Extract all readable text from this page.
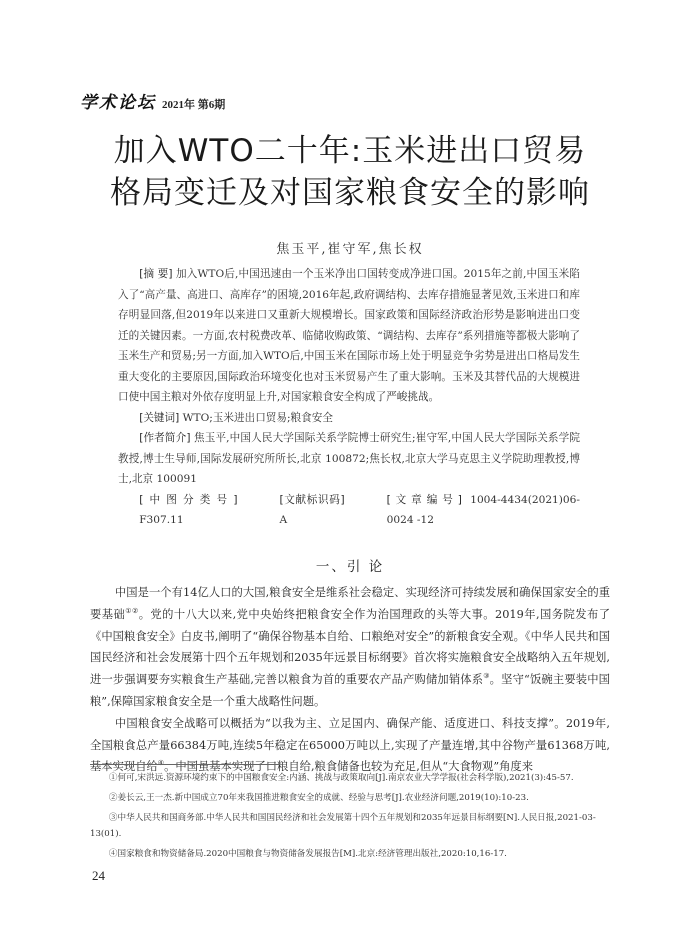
学术论坛 2021年 第6期
加入WTO二十年:玉米进出口贸易
格局变迁及对国家粮食安全的影响
焦玉平,崔守军,焦长权
[摘 要] 加入WTO后,中国迅速由一个玉米净出口国转变成净进口国。2015年之前,中国玉米陷入了“高产量、高进口、高库存”的困境,2016年起,政府调结构、去库存措施显著见效,玉米进口和库存明显回落,但2019年以来进口又重新大规模增长。国家政策和国际经济政治形势是影响进出口变迁的关键因素。一方面,农村税费改革、临储收购政策、“调结构、去库存”系列措施等都极大影响了玉米生产和贸易;另一方面,加入WTO后,中国玉米在国际市场上处于明显竞争劣势是进出口格局发生重大变化的主要原因,国际政治环境变化也对玉米贸易产生了重大影响。玉米及其替代品的大规模进口使中国主粮对外依存度明显上升,对国家粮食安全构成了严峻挑战。
[关键词] WTO;玉米进出口贸易;粮食安全
[作者简介] 焦玉平,中国人民大学国际关系学院博士研究生;崔守军,中国人民大学国际关系学院教授,博士生导师,国际发展研究所所长,北京 100872;焦长权,北京大学马克思主义学院助理教授,博士,北京 100091
[中图分类号] F307.11
[文献标识码] A
[文章编号] 1004-4434(2021)06- 0024 -12
一、引 论

中国是一个有14亿人口的大国,粮食安全是维系社会稳定、实现经济可持续发展和确保国家安全的重要基础①②。党的十八大以来,党中央始终把粮食安全作为治国理政的头等大事。2019年,国务院发布了《中国粮食安全》白皮书,阐明了“确保谷物基本自给、口粮绝对安全”的新粮食安全观。《中华人民共和国国民经济和社会发展第十四个五年规划和2035年远景目标纲要》首次将实施粮食安全战略纳入五年规划,进一步强调要夯实粮食生产基础,完善以粮食为首的重要农产品产购储加销体系③。坚守“饭碗主要装中国粮”,保障国家粮食安全是一个重大战略性问题。

中国粮食安全战略可以概括为“以我为主、立足国内、确保产能、适度进口、科技支撑”。2019年,全国粮食总产量66384万吨,连续5年稳定在65000万吨以上,实现了产量连增,其中谷物产量61368万吨,基本实现自给④。中国虽基本实现了口粮自给,粮食储备也较为充足,但从“大食物观”角度来

①何可,宋洪远.资源环境约束下的中国粮食安全:内涵、挑战与政策取向[J].南京农业大学学报(社会科学版),2021(3):45-57.

②姜长云,王一杰.新中国成立70年来我国推进粮食安全的成就、经验与思考[J].农业经济问题,2019(10):10-23.

③中华人民共和国商务部.中华人民共和国国民经济和社会发展第十四个五年规划和2035年远景目标纲要[N].人民日报,2021-03-13(01).

④国家粮食和物资储备局.2020中国粮食与物资储备发展报告[M].北京:经济管理出版社,2020:10,16-17.

24
